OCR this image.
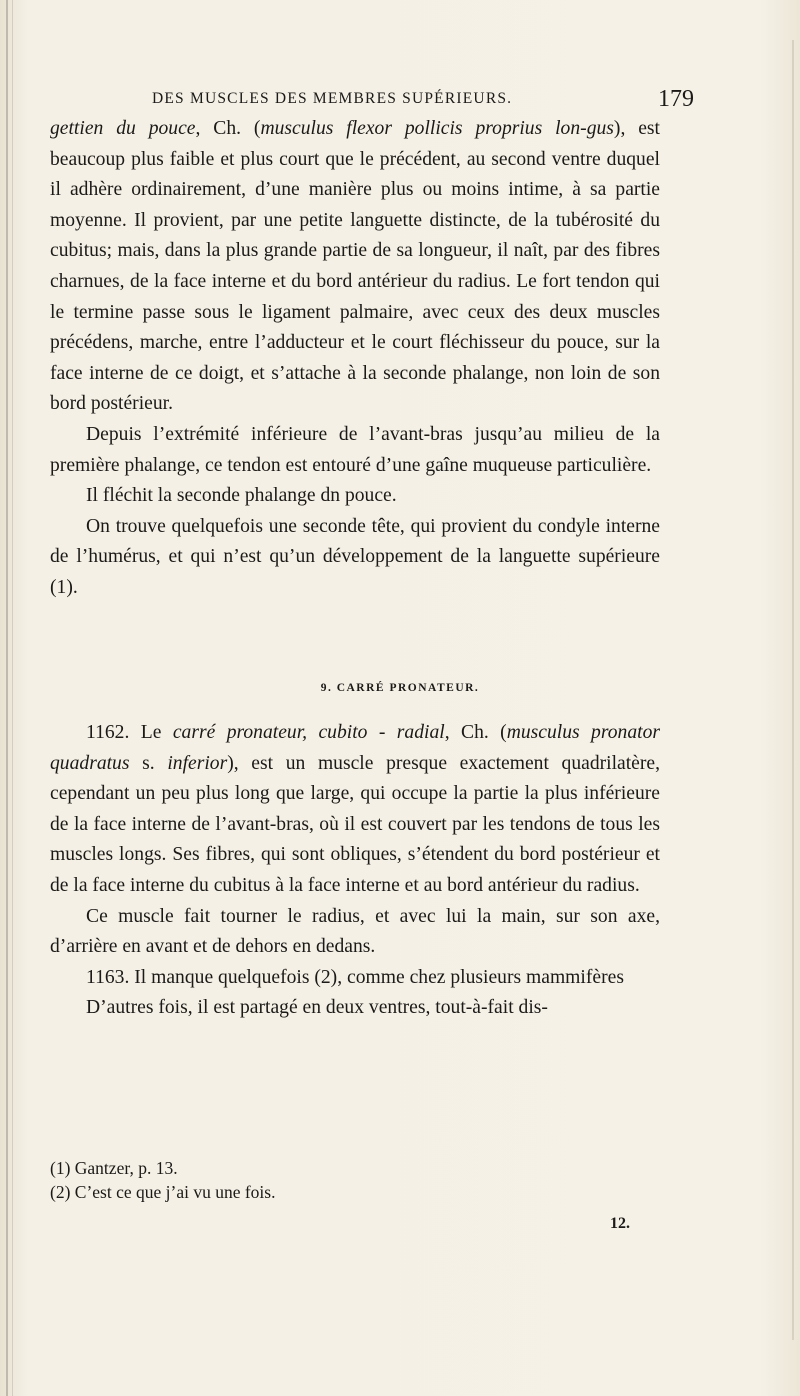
DES MUSCLES DES MEMBRES SUPÉRIEURS.	179

gettien du pouce, Ch. (musculus flexor pollicis proprius lon-gus), est beaucoup plus faible et plus court que le précédent, au second ventre duquel il adhère ordinairement, d’une manière plus ou moins intime, à sa partie moyenne. Il provient, par une petite languette distincte, de la tubérosité du cubitus; mais, dans la plus grande partie de sa longueur, il naît, par des fibres charnues, de la face interne et du bord antérieur du radius. Le fort tendon qui le termine passe sous le ligament palmaire, avec ceux des deux muscles précédens, marche, entre l’adducteur et le court fléchisseur du pouce, sur la face interne de ce doigt, et s’attache à la seconde phalange, non loin de son bord postérieur.

Depuis l’extrémité inférieure de l’avant-bras jusqu’au milieu de la première phalange, ce tendon est entouré d’une gaîne muqueuse particulière.

Il fléchit la seconde phalange dn pouce.

On trouve quelquefois une seconde tête, qui provient du condyle interne de l’humérus, et qui n’est qu’un développement de la languette supérieure (1).

9. CARRÉ PRONATEUR.

1162. Le carré pronateur, cubito - radial, Ch. (musculus pronator quadratus s. inferior), est un muscle presque exactement quadrilatère, cependant un peu plus long que large, qui occupe la partie la plus inférieure de la face interne de l’avant-bras, où il est couvert par les tendons de tous les muscles longs. Ses fibres, qui sont obliques, s’étendent du bord postérieur et de la face interne du cubitus à la face interne et au bord antérieur du radius.

Ce muscle fait tourner le radius, et avec lui la main, sur son axe, d’arrière en avant et de dehors en dedans.

1163. Il manque quelquefois (2), comme chez plusieurs mammifères

D’autres fois, il est partagé en deux ventres, tout-à-fait dis-

(1) Gantzer, p. 13.
(2) C’est ce que j’ai vu une fois.
12.
